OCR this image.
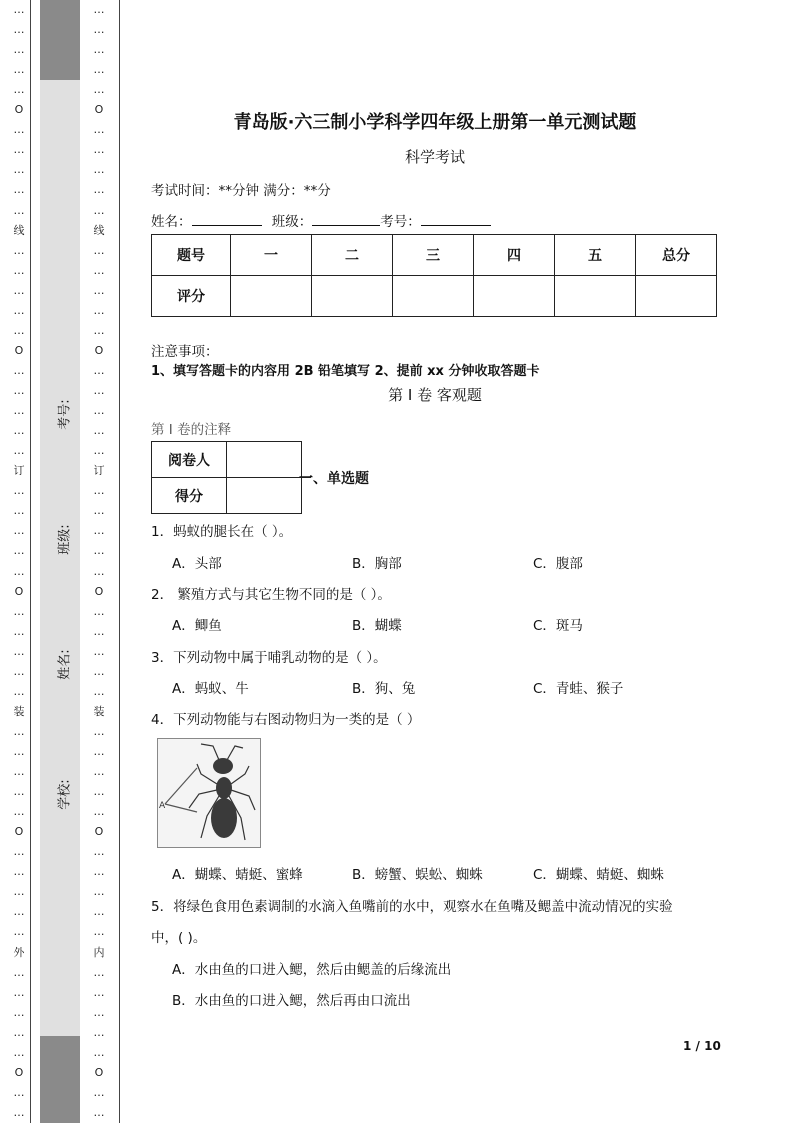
…
…
…
…
…
O
…
…
…
…
…
线
…
…
…
…
…
O
…
…
…
…
…
订
…
…
…
…
…
O
…
…
…
…
…
装
…
…
…
…
…
O
…
…
…
…
…
外
…
…
…
…
…
O
…
…
考号:
班级:
姓名:
学校:
…
…
…
…
…
O
…
…
…
…
…
线
…
…
…
…
…
O
…
…
…
…
…
订
…
…
…
…
…
O
…
…
…
…
…
装
…
…
…
…
…
O
…
…
…
…
…
内
…
…
…
…
…
O
…
…
青岛版·六三制小学科学四年级上册第一单元测试题
科学考试
考试时间：**分钟 满分：**分
姓名：	班级：	考号：
题号	一	二	三	四	五	总分
评分						
注意事项：
1、填写答题卡的内容用 2B 铅笔填写 2、提前 xx 分钟收取答题卡
第 I 卷 客观题
第 I 卷的注释
阅卷人	
得分	
一、单选题
1．蚂蚁的腿长在（ ）。
A．头部	B．胸部	C．腹部
2． 繁殖方式与其它生物不同的是（ ）。
A．鲫鱼	B．蝴蝶	C．斑马
3．下列动物中属于哺乳动物的是（ ）。
A．蚂蚁、牛	B．狗、兔	C．青蛙、猴子
4．下列动物能与右图动物归为一类的是（ ）
A
A．蝴蝶、蜻蜓、蜜蜂	B．螃蟹、蜈蚣、蜘蛛	C．蝴蝶、蜻蜓、蜘蛛
5．将绿色食用色素调制的水滴入鱼嘴前的水中，观察水在鱼嘴及鳃盖中流动情况的实验
中，( )。
A．水由鱼的口进入鳃，然后由鳃盖的后缘流出
B．水由鱼的口进入鳃，然后再由口流出
1 / 10
